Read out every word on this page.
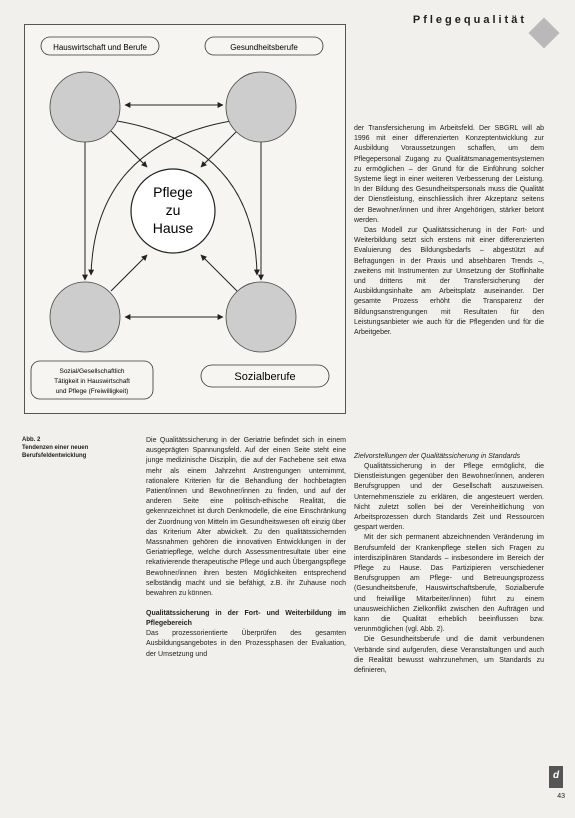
Pflegequalität
Hauswirtschaft und Berufe	Gesundheitsberufe
Pflege
zu
Hause
Sozial/Gesellschaftlich
Tätigkeit in Hauswirtschaft
und Pflege (Freiwilligkeit)
Sozialberufe
Abb. 2
Tendenzen einer neuen
Berufsfeldentwicklung

Die Qualitätssicherung in der Geriatrie befindet sich in einem ausgeprägten Spannungsfeld. Auf der einen Seite steht eine junge medizinische Disziplin, die auf der Fachebene seit etwa mehr als einem Jahrzehnt Anstrengungen unternimmt, rationalere Kriterien für die Behandlung der hochbetagten Patient/innen und Bewohner/innen zu finden, und auf der anderen Seite eine politisch-ethische Realität, die gekennzeichnet ist durch Denkmodelle, die eine Einschränkung der Zuordnung von Mitteln im Gesundheitswesen oft einzig über das Kriterium Alter abwickelt. Zu den qualitätssichernden Massnahmen gehören die innovativen Entwicklungen in der Geriatriepflege, welche durch Assessmentresultate über eine rekativierende therapeutische Pflege und auch Übergangspflege Bewohner/innen ihren besten Möglichkeiten entsprechend selbständig macht und sie befähigt, z.B. ihr Zuhause noch bewahren zu können.

Qualitätssicherung in der Fort- und Weiterbildung im Pflegebereich

Das prozessorientierte Überprüfen des gesamten Ausbildungsangebotes in den Prozessphasen der Evaluation, der Umsetzung und

der Transfersicherung im Arbeitsfeld. Der SBGRL will ab 1996 mit einer differenzierten Konzeptentwicklung zur Ausbildung Voraussetzungen schaffen, um dem Pflegepersonal Zugang zu Qualitätsmanagementsystemen zu ermöglichen – der Grund für die Einführung solcher Systeme liegt in einer weiteren Verbesserung der Leistung. In der Bildung des Gesundheitspersonals muss die Qualität der Dienstleistung, einschliesslich ihrer Akzeptanz seitens der Bewohner/innen und ihrer Angehörigen, stärker betont werden.

Das Modell zur Qualitätssicherung in der Fort- und Weiterbildung setzt sich erstens mit einer differenzierten Evaluierung des Bildungsbedarfs – abgestützt auf Befragungen in der Praxis und absehbaren Trends –, zweitens mit Instrumenten zur Umsetzung der Stoffinhalte und drittens mit der Transfersicherung der Ausbildungsinhalte am Arbeitsplatz auseinander. Der gesamte Prozess erhöht die Transparenz der Bildungsanstrengungen mit Resultaten für den Leistungsanbieter wie auch für die Pflegenden und für die Arbeitgeber.

Zielvorstellungen der Qualitätssicherung in Standards

Qualitätssicherung in der Pflege ermöglicht, die Dienstleistungen gegenüber den Bewohner/innen, anderen Berufsgruppen und der Gesellschaft auszuweisen. Unternehmensziele zu erklären, die angesteuert werden. Nicht zuletzt sollen bei der Vereinheitlichung von Arbeitsprozessen durch Standards Zeit und Ressourcen gespart werden.

Mit der sich permanent abzeichnenden Veränderung im Berufsumfeld der Krankenpflege stellen sich Fragen zu interdisziplinären Standards – insbesondere im Bereich der Pflege zu Hause. Das Partizipieren verschiedener Berufsgruppen am Pflege- und Betreuungsprozess (Gesundheitsberufe, Hauswirtschaftsberufe, Sozialberufe und freiwillige Mitarbeiter/innen) führt zu einem unausweichlichen Zielkonflikt zwischen den Aufträgen und kann die Qualität erheblich beeinflussen bzw. verunmöglichen (vgl. Abb. 2).

Die Gesundheitsberufe und die damit verbundenen Verbände sind aufgerufen, diese Veranstaltungen und auch die Realität bewusst wahrzunehmen, um Standards zu definieren,

d
43
